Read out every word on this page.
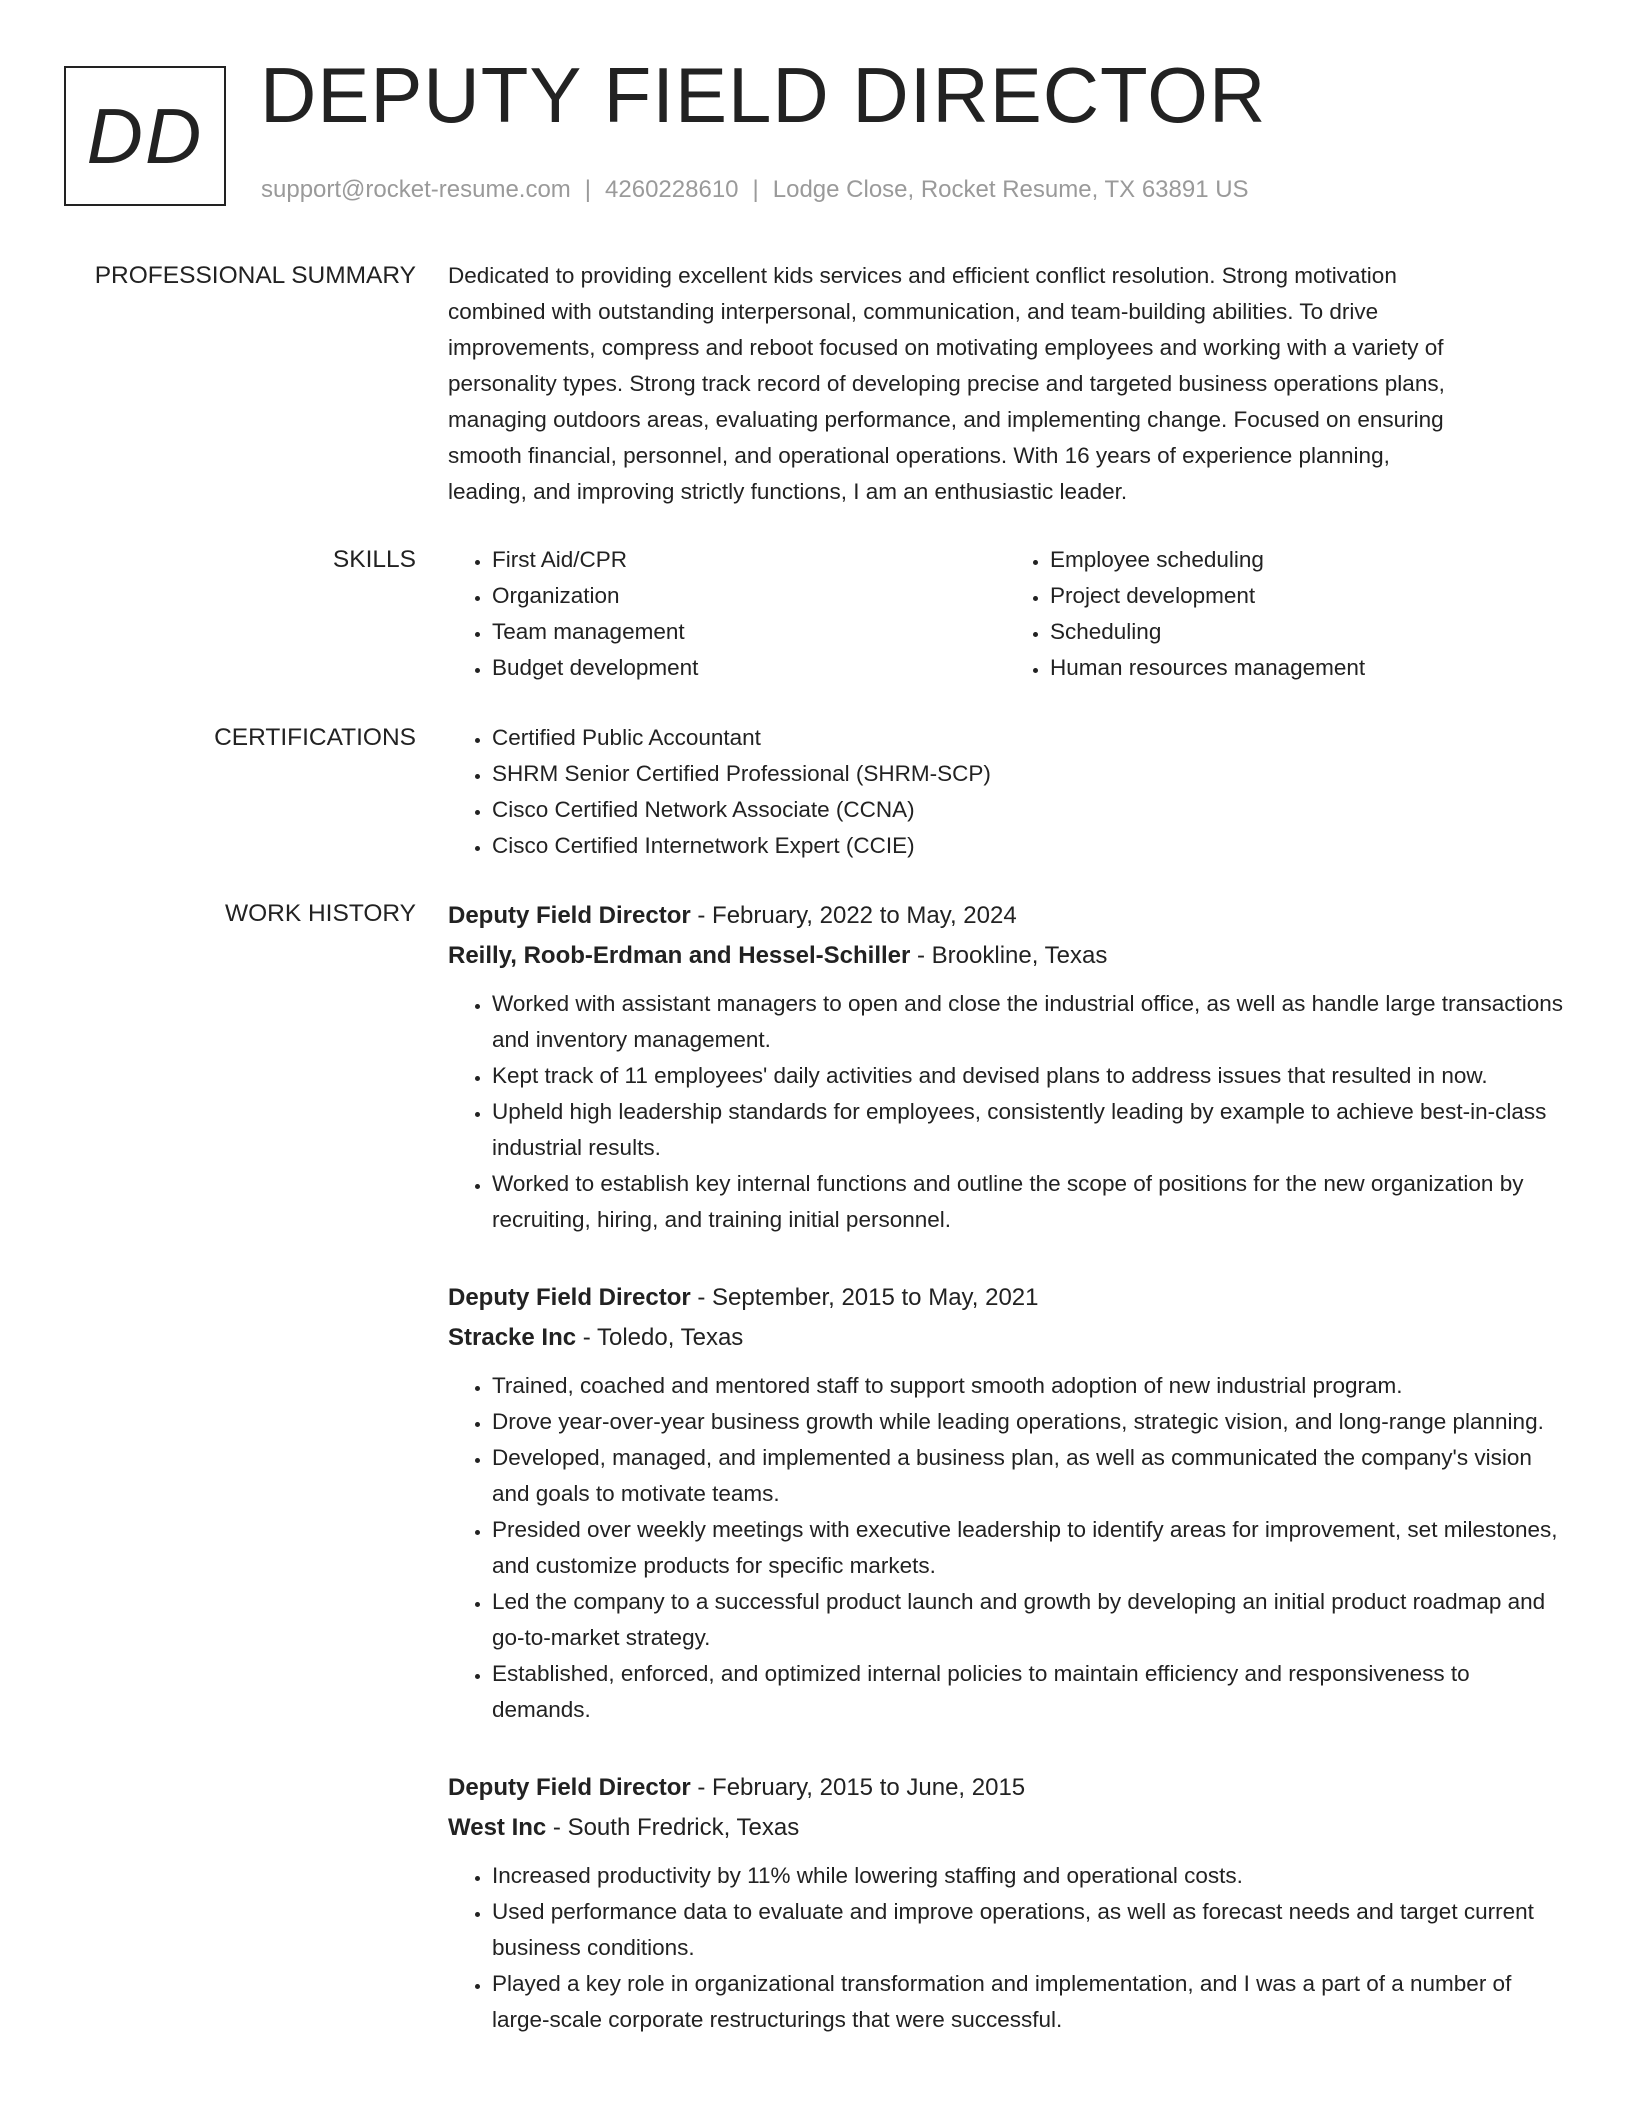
DD DEPUTY FIELD DIRECTOR
support@rocket-resume.com | 4260228610 | Lodge Close, Rocket Resume, TX 63891 US
PROFESSIONAL SUMMARY Dedicated to providing excellent kids services and efficient conflict resolution. Strong motivation
combined with outstanding interpersonal, communication, and team-building abilities. To drive
improvements, compress and reboot focused on motivating employees and working with a variety of
personality types. Strong track record of developing precise and targeted business operations plans,
managing outdoors areas, evaluating performance, and implementing change. Focused on ensuring
smooth financial, personnel, and operational operations. With 16 years of experience planning,
leading, and improving strictly functions, I am an enthusiastic leader.
SKILLS	• First Aid/CPR
• Organization
• Team management
• Budget development
• Employee scheduling
• Project development
• Scheduling
• Human resources management
CERTIFICATIONS	• Certified Public Accountant
• SHRM Senior Certified Professional (SHRM-SCP)
• Cisco Certified Network Associate (CCNA)
• Cisco Certified Internetwork Expert (CCIE)
WORK HISTORY Deputy Field Director - February, 2022 to May, 2024
Reilly, Roob-Erdman and Hessel-Schiller - Brookline, Texas
• Worked with assistant managers to open and close the industrial office, as well as handle large transactions and inventory management.
• Kept track of 11 employees' daily activities and devised plans to address issues that resulted in now.
• Upheld high leadership standards for employees, consistently leading by example to achieve best-in-class industrial results.
• Worked to establish key internal functions and outline the scope of positions for the new organization by recruiting, hiring, and training initial personnel.
Deputy Field Director - September, 2015 to May, 2021
Stracke Inc - Toledo, Texas
• Trained, coached and mentored staff to support smooth adoption of new industrial program.
• Drove year-over-year business growth while leading operations, strategic vision, and long-range planning.
• Developed, managed, and implemented a business plan, as well as communicated the company's vision and goals to motivate teams.
• Presided over weekly meetings with executive leadership to identify areas for improvement, set milestones, and customize products for specific markets.
• Led the company to a successful product launch and growth by developing an initial product roadmap and go-to-market strategy.
• Established, enforced, and optimized internal policies to maintain efficiency and responsiveness to demands.
Deputy Field Director - February, 2015 to June, 2015
West Inc - South Fredrick, Texas
• Increased productivity by 11% while lowering staffing and operational costs.
• Used performance data to evaluate and improve operations, as well as forecast needs and target current business conditions.
• Played a key role in organizational transformation and implementation, and I was a part of a number of large-scale corporate restructurings that were successful.
